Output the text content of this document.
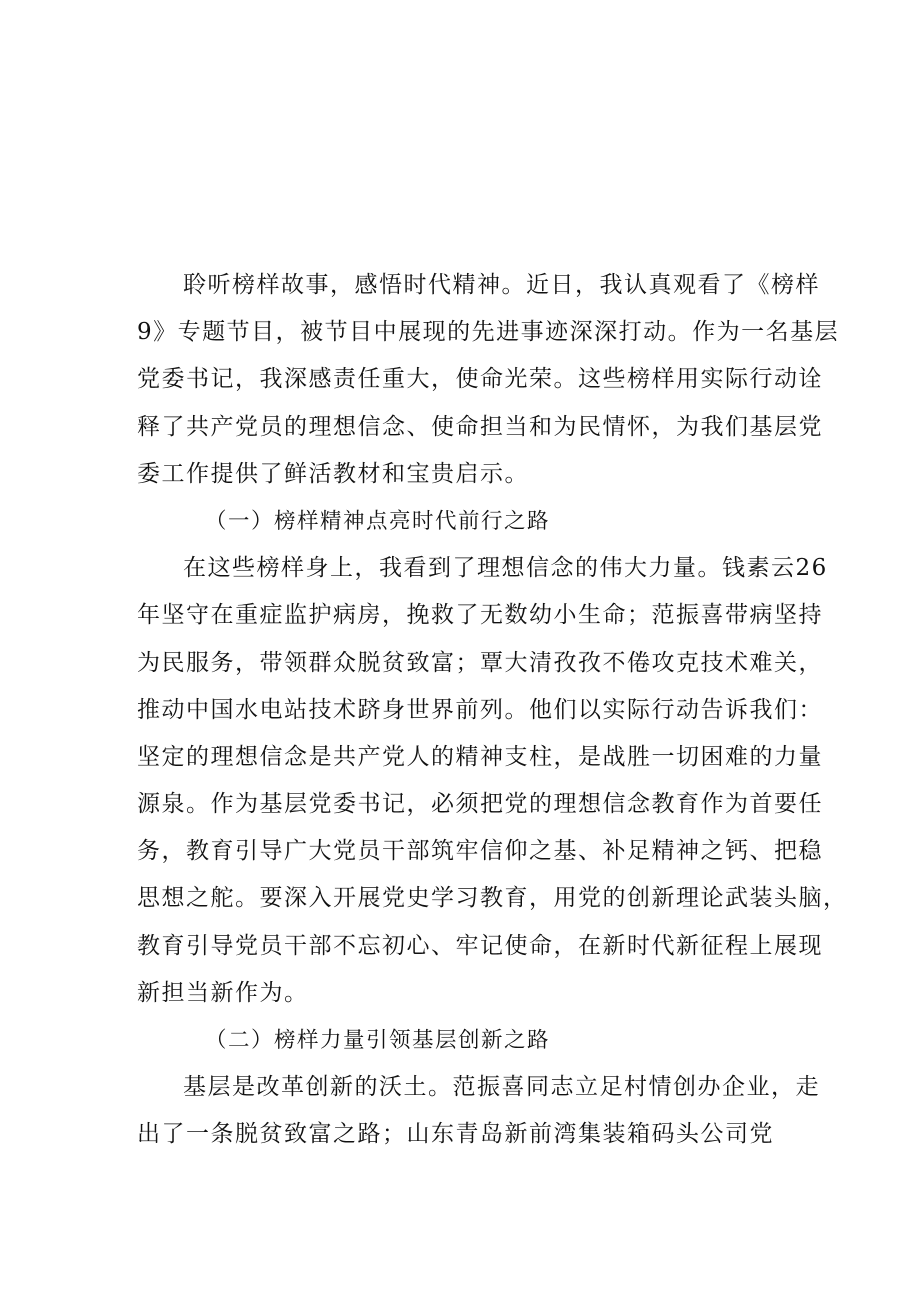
聆听榜样故事，感悟时代精神。近日，我认真观看了《榜样
9》专题节目，被节目中展现的先进事迹深深打动。作为一名基层
党委书记，我深感责任重大，使命光荣。这些榜样用实际行动诠
释了共产党员的理想信念、使命担当和为民情怀，为我们基层党
委工作提供了鲜活教材和宝贵启示。
（一）榜样精神点亮时代前行之路
在这些榜样身上，我看到了理想信念的伟大力量。钱素云26
年坚守在重症监护病房，挽救了无数幼小生命；范振喜带病坚持
为民服务，带领群众脱贫致富；覃大清孜孜不倦攻克技术难关，
推动中国水电站技术跻身世界前列。他们以实际行动告诉我们：
坚定的理想信念是共产党人的精神支柱，是战胜一切困难的力量
源泉。作为基层党委书记，必须把党的理想信念教育作为首要任
务，教育引导广大党员干部筑牢信仰之基、补足精神之钙、把稳
思想之舵。要深入开展党史学习教育，用党的创新理论武装头脑，
教育引导党员干部不忘初心、牢记使命，在新时代新征程上展现
新担当新作为。
（二）榜样力量引领基层创新之路
基层是改革创新的沃土。范振喜同志立足村情创办企业，走
出了一条脱贫致富之路；山东青岛新前湾集装箱码头公司党
